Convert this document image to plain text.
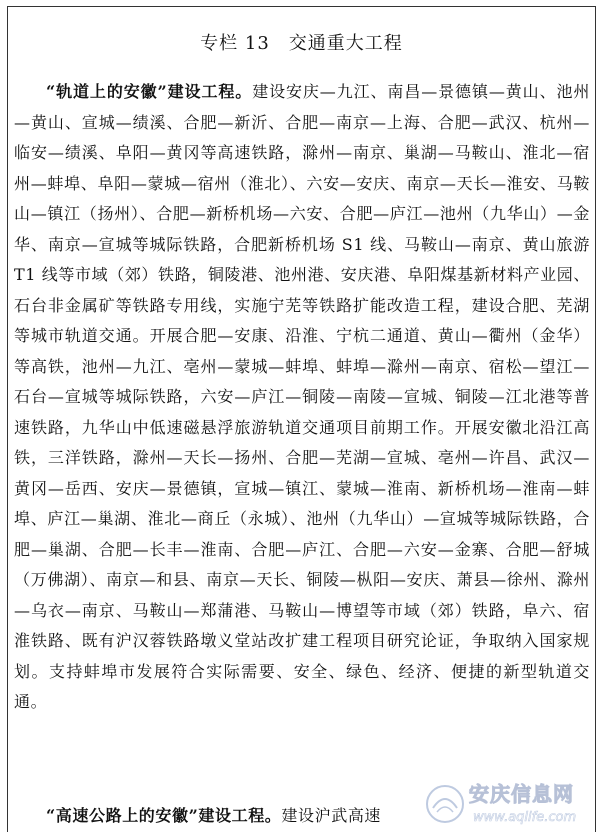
专栏 13　交通重大工程

“轨道上的安徽”建设工程。建设安庆—九江、南昌—景德镇—黄山、池州—黄山、宣城—绩溪、合肥—新沂、合肥—南京—上海、合肥—武汉、杭州—临安—绩溪、阜阳—黄冈等高速铁路，滁州—南京、巢湖—马鞍山、淮北—宿州—蚌埠、阜阳—蒙城—宿州（淮北）、六安—安庆、南京—天长—淮安、马鞍山—镇江（扬州）、合肥—新桥机场—六安、合肥—庐江—池州（九华山）—金华、南京—宣城等城际铁路，合肥新桥机场 S1 线、马鞍山—南京、黄山旅游 T1 线等市域（郊）铁路，铜陵港、池州港、安庆港、阜阳煤基新材料产业园、石台非金属矿等铁路专用线，实施宁芜等铁路扩能改造工程，建设合肥、芜湖等城市轨道交通。开展合肥—安康、沿淮、宁杭二通道、黄山—衢州（金华）等高铁，池州—九江、亳州—蒙城—蚌埠、蚌埠—滁州—南京、宿松—望江—石台—宣城等城际铁路，六安—庐江—铜陵—南陵—宣城、铜陵—江北港等普速铁路，九华山中低速磁悬浮旅游轨道交通项目前期工作。开展安徽北沿江高铁，三洋铁路，滁州—天长—扬州、合肥—芜湖—宣城、亳州—许昌、武汉—黄冈—岳西、安庆—景德镇，宣城—镇江、蒙城—淮南、新桥机场—淮南—蚌埠、庐江—巢湖、淮北—商丘（永城）、池州（九华山）—宣城等城际铁路，合肥—巢湖、合肥—长丰—淮南、合肥—庐江、合肥—六安—金寨、合肥—舒城（万佛湖）、南京—和县、南京—天长、铜陵—枞阳—安庆、萧县—徐州、滁州—乌衣—南京、马鞍山—郑蒲港、马鞍山—博望等市域（郊）铁路，阜六、宿淮铁路、既有沪汉蓉铁路墩义堂站改扩建工程项目研究论证，争取纳入国家规划。支持蚌埠市发展符合实际需要、安全、绿色、经济、便捷的新型轨道交通。

“高速公路上的安徽”建设工程。建设沪武高速

安庆信息网
www.aqlife.com
